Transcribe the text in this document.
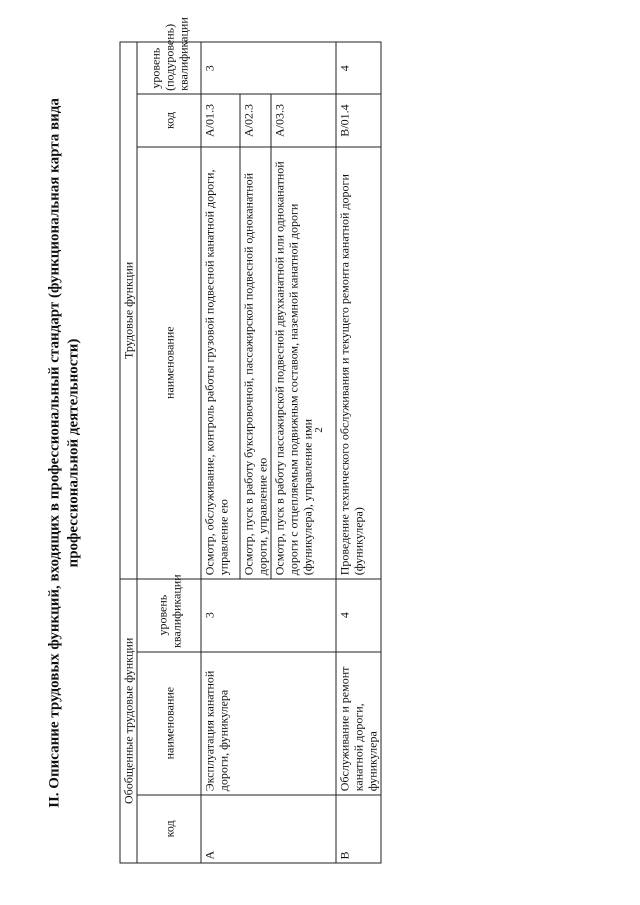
2
II. Описание трудовых функций, входящих в профессиональный стандарт (функциональная карта вида профессиональной деятельности)
Обобщенные трудовые функции			Трудовые функции		
код	наименование	уровень квалификации	наименование	код	уровень (подуровень) квалификации
A	Эксплуатация канатной дороги, фуникулера	3	Осмотр, обслуживание, контроль работы грузовой подвесной канатной дороги, управление ею	A/01.3	3
			Осмотр, пуск в работу буксировочной, пассажирской подвесной одноканатной дороги, управление ею	A/02.3	
			Осмотр, пуск в работу пассажирской подвесной двухканатной или одноканатной дороги с отцепляемым подвижным составом, наземной канатной дороги (фуникулера), управление ими	A/03.3	
B	Обслуживание и ремонт канатной дороги, фуникулера	4	Проведение технического обслуживания и текущего ремонта канатной дороги (фуникулера)	B/01.4	4
